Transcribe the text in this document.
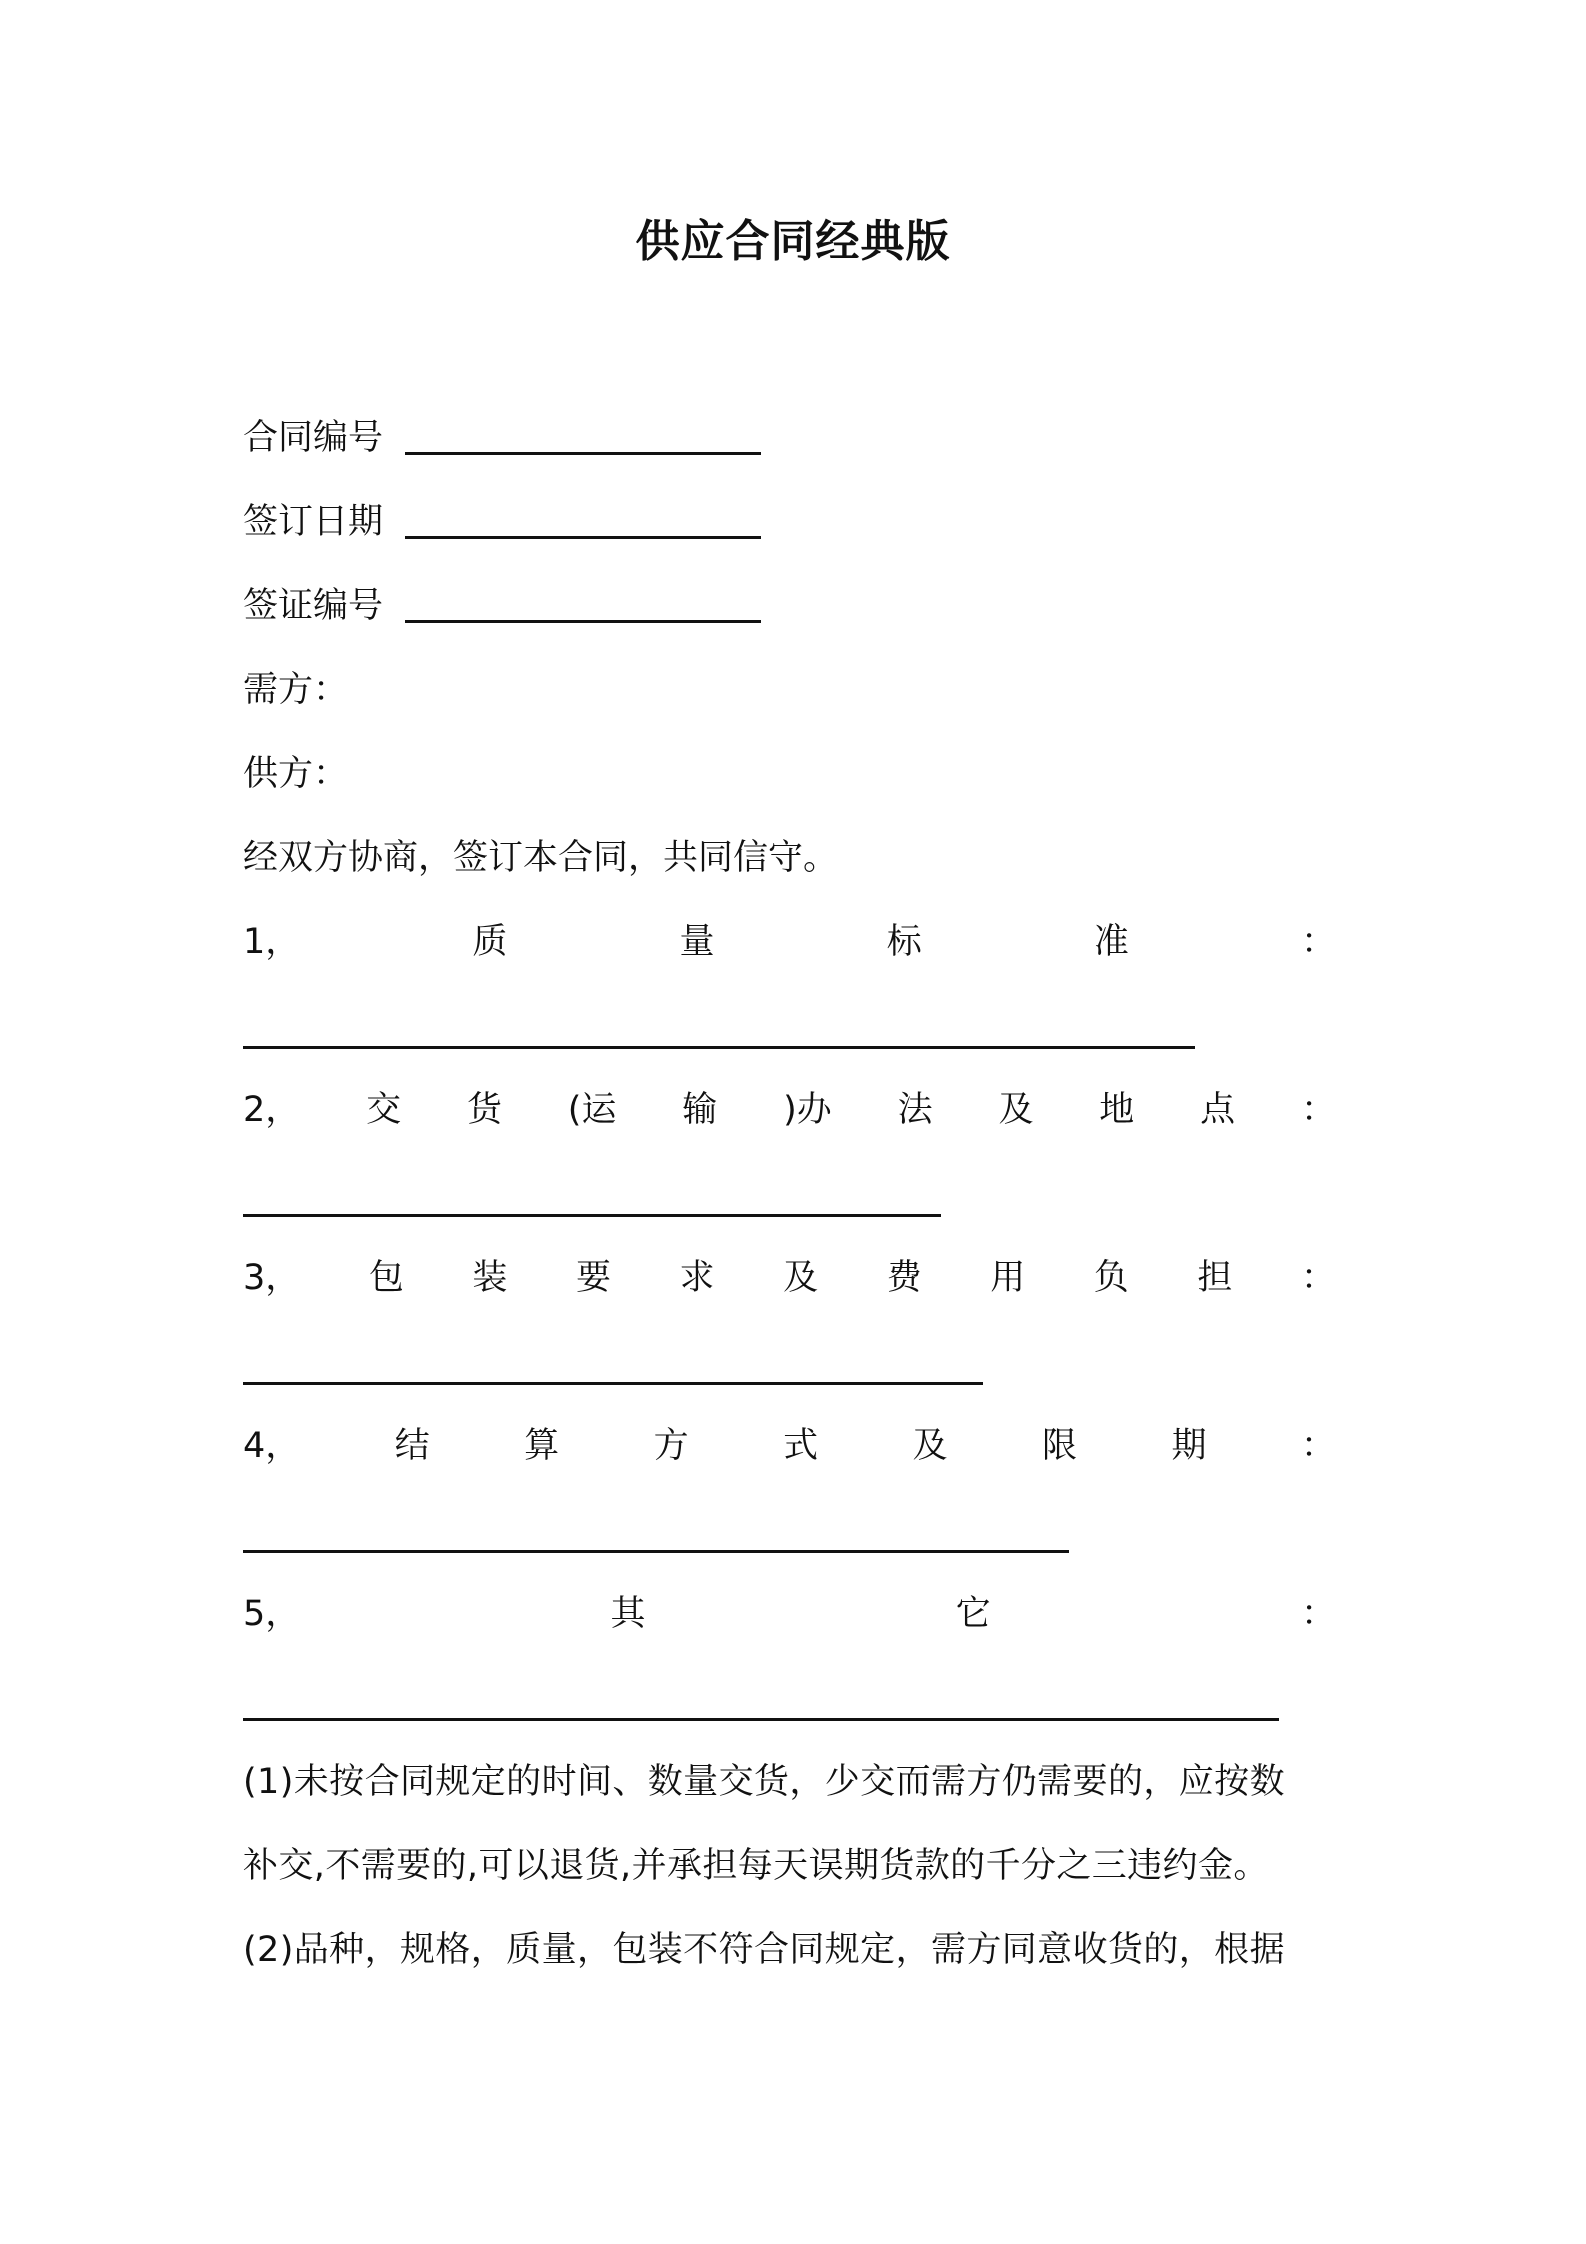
供应合同经典版
合同编号
签订日期
签证编号

需方：

供方：

经双方协商，签订本合同，共同信守。

1，	质	量	标	准	：
2， 交 货 (运 输 )办 法 及 地 点 ：
3， 包 装 要 求 及 费 用 负 担 ：
4，	结	算	方	式	及	限	期	：
5，	其	它	：

(1)未按合同规定的时间、数量交货，少交而需方仍需要的，应按数

补交,不需要的,可以退货,并承担每天误期货款的千分之三违约金。

(2)品种，规格，质量，包装不符合同规定，需方同意收货的，根据
